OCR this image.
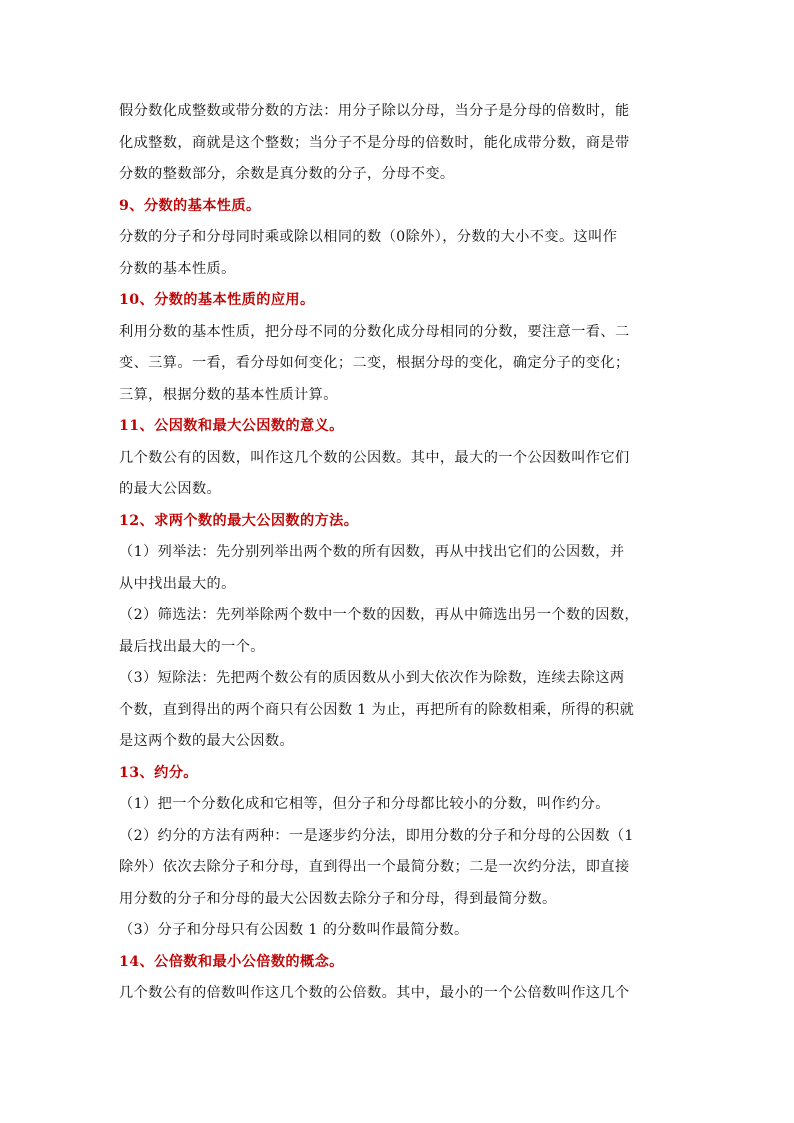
假分数化成整数或带分数的方法：用分子除以分母，当分子是分母的倍数时，能
化成整数，商就是这个整数；当分子不是分母的倍数时，能化成带分数，商是带
分数的整数部分，余数是真分数的分子，分母不变。
9、分数的基本性质。
分数的分子和分母同时乘或除以相同的数（0除外），分数的大小不变。这叫作
分数的基本性质。
10、分数的基本性质的应用。
利用分数的基本性质，把分母不同的分数化成分母相同的分数，要注意一看、二
变、三算。一看，看分母如何变化；二变，根据分母的变化，确定分子的变化；
三算，根据分数的基本性质计算。
11、公因数和最大公因数的意义。
几个数公有的因数，叫作这几个数的公因数。其中，最大的一个公因数叫作它们
的最大公因数。
12、求两个数的最大公因数的方法。
（1）列举法：先分别列举出两个数的所有因数，再从中找出它们的公因数，并
从中找出最大的。
（2）筛选法：先列举除两个数中一个数的因数，再从中筛选出另一个数的因数，
最后找出最大的一个。
（3）短除法：先把两个数公有的质因数从小到大依次作为除数，连续去除这两
个数，直到得出的两个商只有公因数 1 为止，再把所有的除数相乘，所得的积就
是这两个数的最大公因数。
13、约分。
（1）把一个分数化成和它相等，但分子和分母都比较小的分数，叫作约分。
（2）约分的方法有两种：一是逐步约分法，即用分数的分子和分母的公因数（1
除外）依次去除分子和分母，直到得出一个最简分数；二是一次约分法，即直接
用分数的分子和分母的最大公因数去除分子和分母，得到最简分数。
（3）分子和分母只有公因数 1 的分数叫作最简分数。
14、公倍数和最小公倍数的概念。
几个数公有的倍数叫作这几个数的公倍数。其中，最小的一个公倍数叫作这几个
